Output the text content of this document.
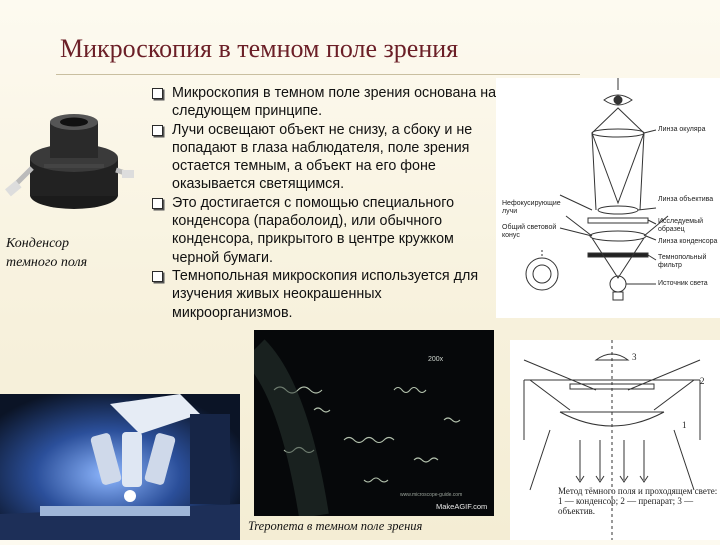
Микроскопия в темном поле зрения
Конденсор
темного поля

Микроскопия в темном поле зрения основана на следующем принципе.

Лучи освещают объект не снизу, а сбоку и не попадают в глаза наблюдателя, поле зрения остается темным, а объект на его фоне оказывается светящимся.

Это достигается с помощью специального конденсора (параболоид), или обычного конденсора, прикрытого в центре кружком черной бумаги.

Темнопольная микроскопия используется для изучения живых неокрашенных микроорганизмов.

Линза окуляра
Линза объектива
Исследуемый образец
Линза конденсора
Темнопольный фильтр
Источник света
Нефокусирующие лучи
Общий световой конус
200x
www.microscope-guide.com
MakeAGIF.com
Treponema в темном поле зрения
3
2
1
Метод тёмного поля и проходящем свете: 1 — конденсор; 2 — препарат; 3 — объектив.
